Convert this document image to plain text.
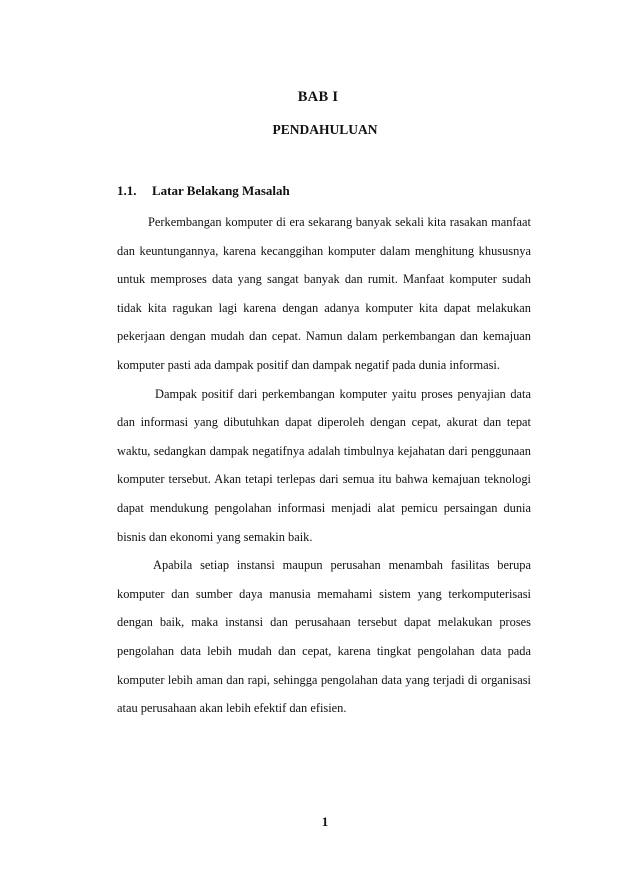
BAB I
PENDAHULUAN
1.1. Latar Belakang Masalah

Perkembangan komputer di era sekarang banyak sekali kita rasakan manfaat dan keuntungannya, karena kecanggihan komputer dalam menghitung khususnya untuk memproses data yang sangat banyak dan rumit. Manfaat komputer sudah tidak kita ragukan lagi karena dengan adanya komputer kita dapat melakukan pekerjaan dengan mudah dan cepat. Namun dalam perkembangan dan kemajuan komputer pasti ada dampak positif dan dampak negatif pada dunia informasi.

Dampak positif dari perkembangan komputer yaitu proses penyajian data dan informasi yang dibutuhkan dapat diperoleh dengan cepat, akurat dan tepat waktu, sedangkan dampak negatifnya adalah timbulnya kejahatan dari penggunaan komputer tersebut. Akan tetapi terlepas dari semua itu bahwa kemajuan teknologi dapat mendukung pengolahan informasi menjadi alat pemicu persaingan dunia bisnis dan ekonomi yang semakin baik.

Apabila setiap instansi maupun perusahan menambah fasilitas berupa komputer dan sumber daya manusia memahami sistem yang terkomputerisasi dengan baik, maka instansi dan perusahaan tersebut dapat melakukan proses pengolahan data lebih mudah dan cepat, karena tingkat pengolahan data pada komputer lebih aman dan rapi, sehingga pengolahan data yang terjadi di organisasi atau perusahaan akan lebih efektif dan efisien.

1
